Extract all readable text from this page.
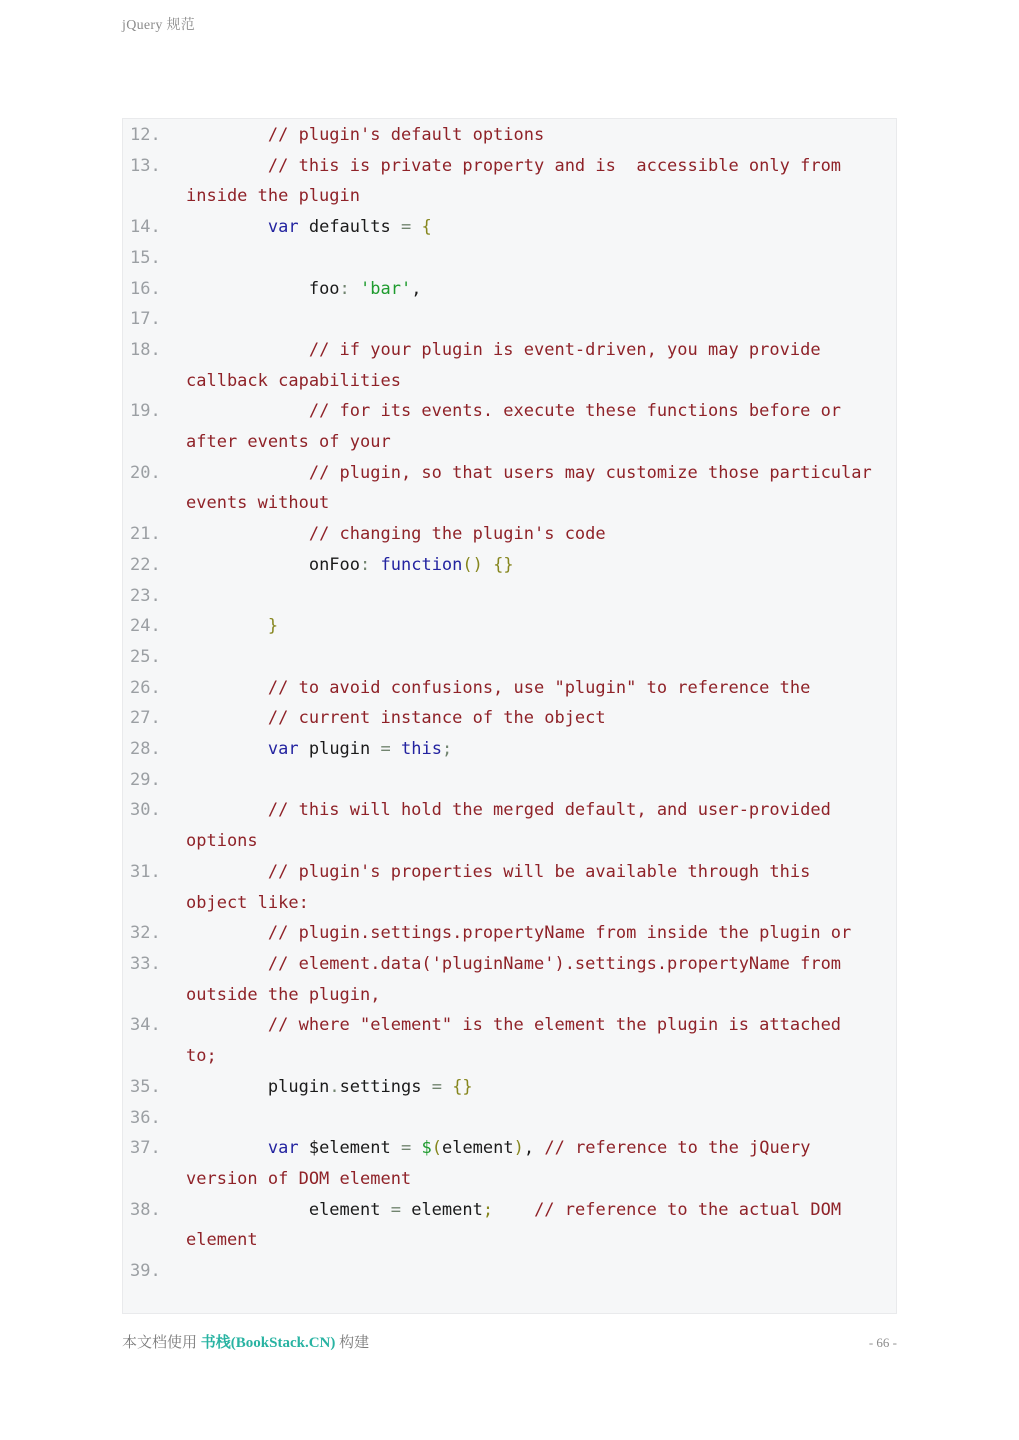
jQuery 规范
12.	// plugin's default options
13.	// this is private property and is  accessible only from inside the plugin
14.	var defaults = {
15.
16.	foo: 'bar',
17.
18.	// if your plugin is event-driven, you may provide callback capabilities
19.	// for its events. execute these functions before or after events of your
20.	// plugin, so that users may customize those particular events without
21.	// changing the plugin's code
22.	onFoo: function() {}
23.
24.	}
25.
26.	// to avoid confusions, use "plugin" to reference the
27.	// current instance of the object
28.	var plugin = this;
29.
30.	// this will hold the merged default, and user-provided options
31.	// plugin's properties will be available through this object like:
32.	// plugin.settings.propertyName from inside the plugin or
33.	// element.data('pluginName').settings.propertyName from outside the plugin,
34.	// where "element" is the element the plugin is attached to;
35.	plugin.settings = {}
36.
37.	var $element = $(element), // reference to the jQuery version of DOM element
38.	element = element; // reference to the actual DOM element
39.
本文档使用 书栈(BookStack.CN) 构建	- 66 -
